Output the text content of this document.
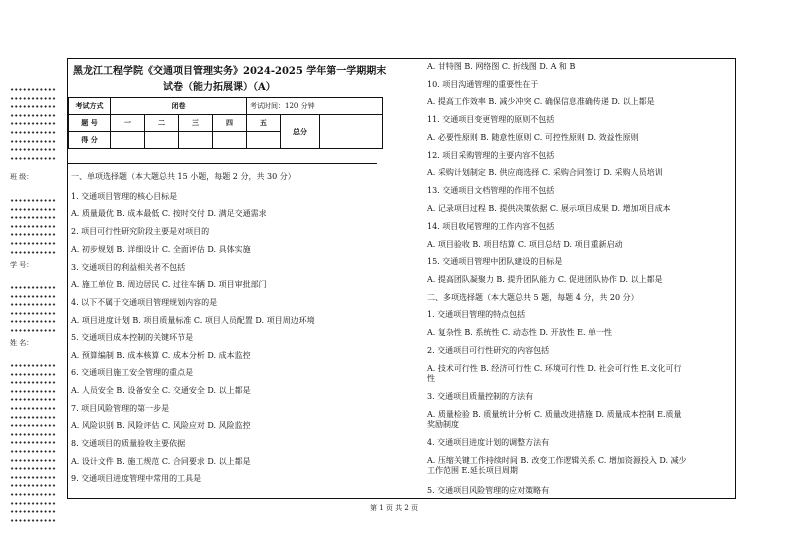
黑龙江工程学院《交通项目管理实务》2024-2025 学年第一学期期末
试卷（能力拓展课）（A）
考试方式	闭卷				考试时间：120 分钟		
题 号	一	二	三	四	五	总分	
得 分							
一、单项选择题（本大题总共 15 小题，每题 2 分，共 30 分）
1. 交通项目管理的核心目标是
A. 质量最优 B. 成本最低 C. 按时交付 D. 满足交通需求
2. 项目可行性研究阶段主要是对项目的
A. 初步规划 B. 详细设计 C. 全面评估 D. 具体实施
3. 交通项目的利益相关者不包括
A. 施工单位 B. 周边居民 C. 过往车辆 D. 项目审批部门
4. 以下不属于交通项目管理规划内容的是
A. 项目进度计划 B. 项目质量标准 C. 项目人员配置 D. 项目周边环境
5. 交通项目成本控制的关键环节是
A. 预算编制 B. 成本核算 C. 成本分析 D. 成本监控
6. 交通项目施工安全管理的重点是
A. 人员安全 B. 设备安全 C. 交通安全 D. 以上都是
7. 项目风险管理的第一步是
A. 风险识别 B. 风险评估 C. 风险应对 D. 风险监控
8. 交通项目的质量验收主要依据
A. 设计文件 B. 施工规范 C. 合同要求 D. 以上都是
9. 交通项目进度管理中常用的工具是
A. 甘特图 B. 网络图 C. 折线图 D. A 和 B
10. 项目沟通管理的重要性在于
A. 提高工作效率 B. 减少冲突 C. 确保信息准确传递 D. 以上都是
11. 交通项目变更管理的原则不包括
A. 必要性原则 B. 随意性原则 C. 可控性原则 D. 效益性原则
12. 项目采购管理的主要内容不包括
A. 采购计划制定 B. 供应商选择 C. 采购合同签订 D. 采购人员培训
13. 交通项目文档管理的作用不包括
A. 记录项目过程 B. 提供决策依据 C. 展示项目成果 D. 增加项目成本
14. 项目收尾管理的工作内容不包括
A. 项目验收 B. 项目结算 C. 项目总结 D. 项目重新启动
15. 交通项目管理中团队建设的目标是
A. 提高团队凝聚力 B. 提升团队能力 C. 促进团队协作 D. 以上都是
二、多项选择题（本大题总共 5 题，每题 4 分，共 20 分）
1. 交通项目管理的特点包括
A. 复杂性 B. 系统性 C. 动态性 D. 开放性 E. 单一性
2. 交通项目可行性研究的内容包括
A. 技术可行性 B. 经济可行性 C. 环境可行性 D. 社会可行性 E.文化可行
性
3. 交通项目质量控制的方法有
A. 质量检验 B. 质量统计分析 C. 质量改进措施 D. 质量成本控制 E.质量
奖励制度
4. 交通项目进度计划的调整方法有
A. 压缩关键工作持续时间 B. 改变工作逻辑关系 C. 增加资源投入 D. 减少
工作范围 E.延长项目周期
5. 交通项目风险管理的应对策略有
班 级：
学 号：
姓 名：
第 1 页 共 2 页
